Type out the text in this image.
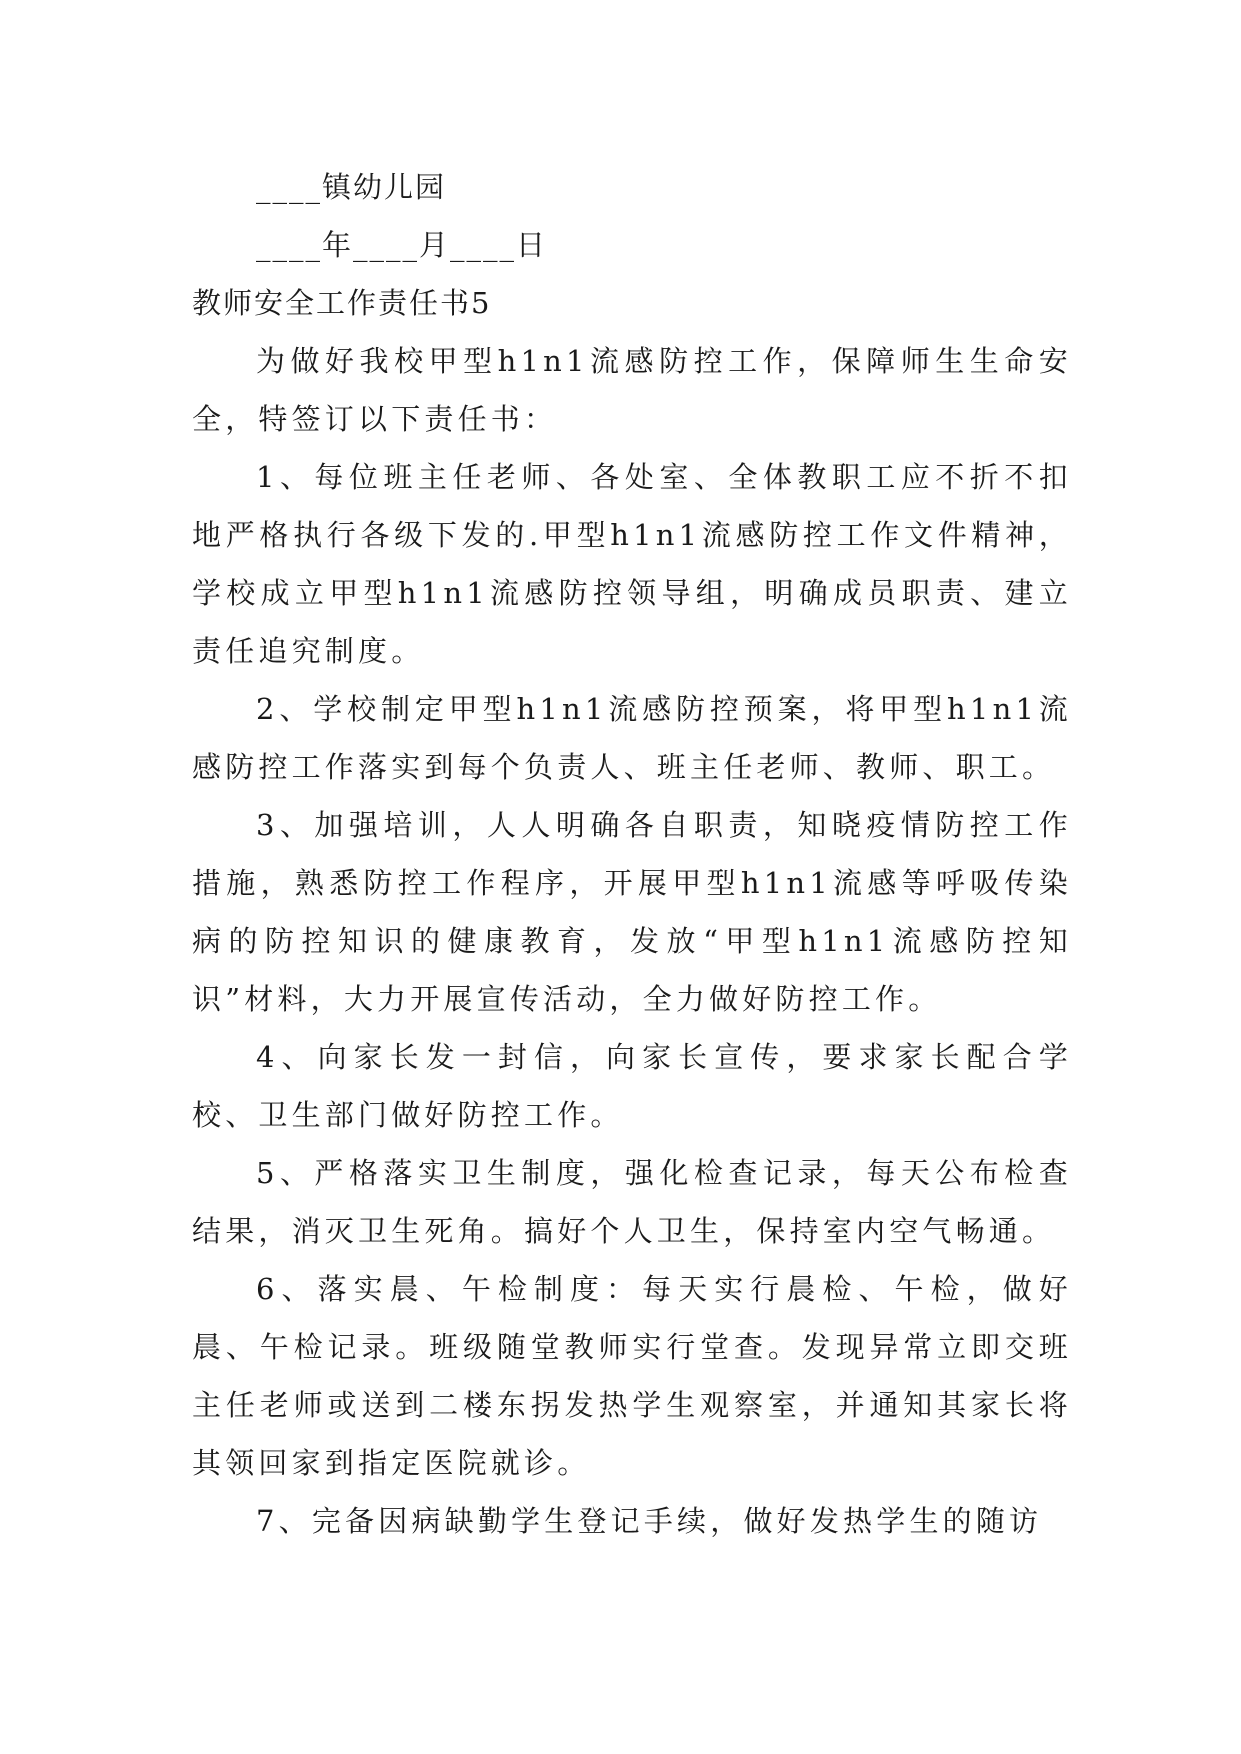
____镇幼儿园
____年____月____日

教师安全工作责任书5

为做好我校甲型h1n1流感防控工作，保障师生生命安全，特签订以下责任书：

1、每位班主任老师、各处室、全体教职工应不折不扣地严格执行各级下发的.甲型h1n1流感防控工作文件精神，学校成立甲型h1n1流感防控领导组，明确成员职责、建立责任追究制度。

2、学校制定甲型h1n1流感防控预案，将甲型h1n1流感防控工作落实到每个负责人、班主任老师、教师、职工。

3、加强培训，人人明确各自职责，知晓疫情防控工作措施，熟悉防控工作程序，开展甲型h1n1流感等呼吸传染病的防控知识的健康教育，发放“甲型h1n1流感防控知识”材料，大力开展宣传活动，全力做好防控工作。

4、向家长发一封信，向家长宣传，要求家长配合学校、卫生部门做好防控工作。

5、严格落实卫生制度，强化检查记录，每天公布检查结果，消灭卫生死角。搞好个人卫生，保持室内空气畅通。

6、落实晨、午检制度：每天实行晨检、午检，做好晨、午检记录。班级随堂教师实行堂查。发现异常立即交班主任老师或送到二楼东拐发热学生观察室，并通知其家长将其领回家到指定医院就诊。

7、完备因病缺勤学生登记手续，做好发热学生的随访
